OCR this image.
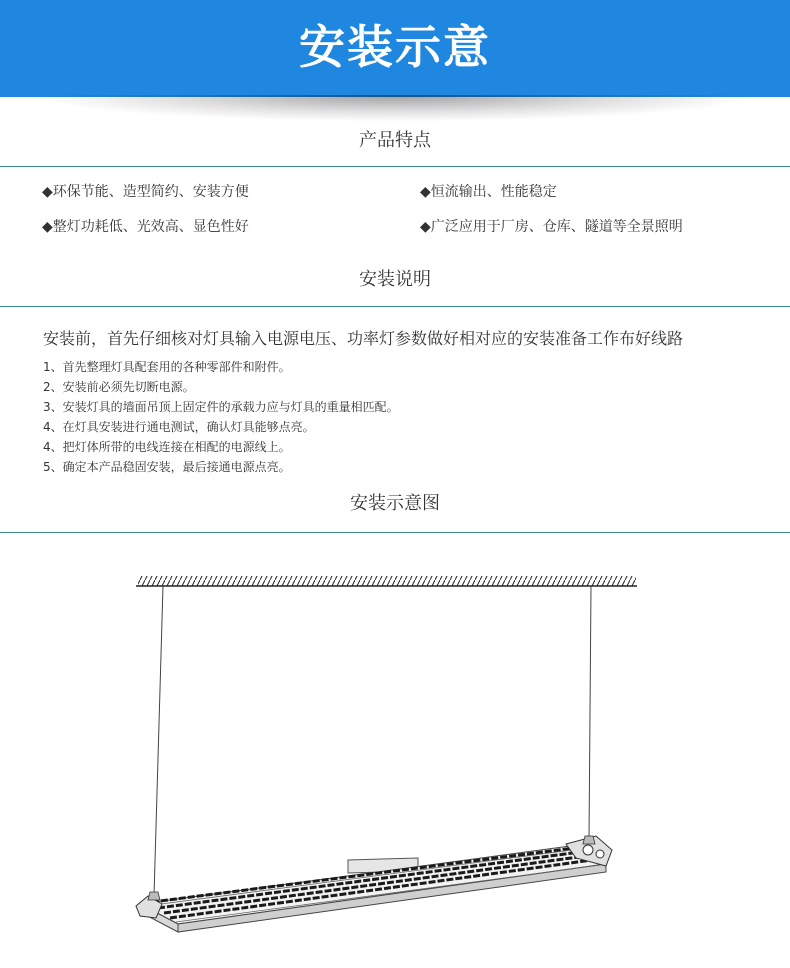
安装示意
产品特点
◆环保节能、造型简约、安装方便	◆恒流输出、性能稳定
◆整灯功耗低、光效高、显色性好	◆广泛应用于厂房、仓库、隧道等全景照明
安装说明
安装前，首先仔细核对灯具输入电源电压、功率灯参数做好相对应的安装准备工作布好线路
1、首先整理灯具配套用的各种零部件和附件。
2、安装前必须先切断电源。
3、安装灯具的墙面吊顶上固定件的承载力应与灯具的重量相匹配。
4、在灯具安装进行通电测试，确认灯具能够点亮。
4、把灯体所带的电线连接在相配的电源线上。
5、确定本产品稳固安装，最后接通电源点亮。
安装示意图
